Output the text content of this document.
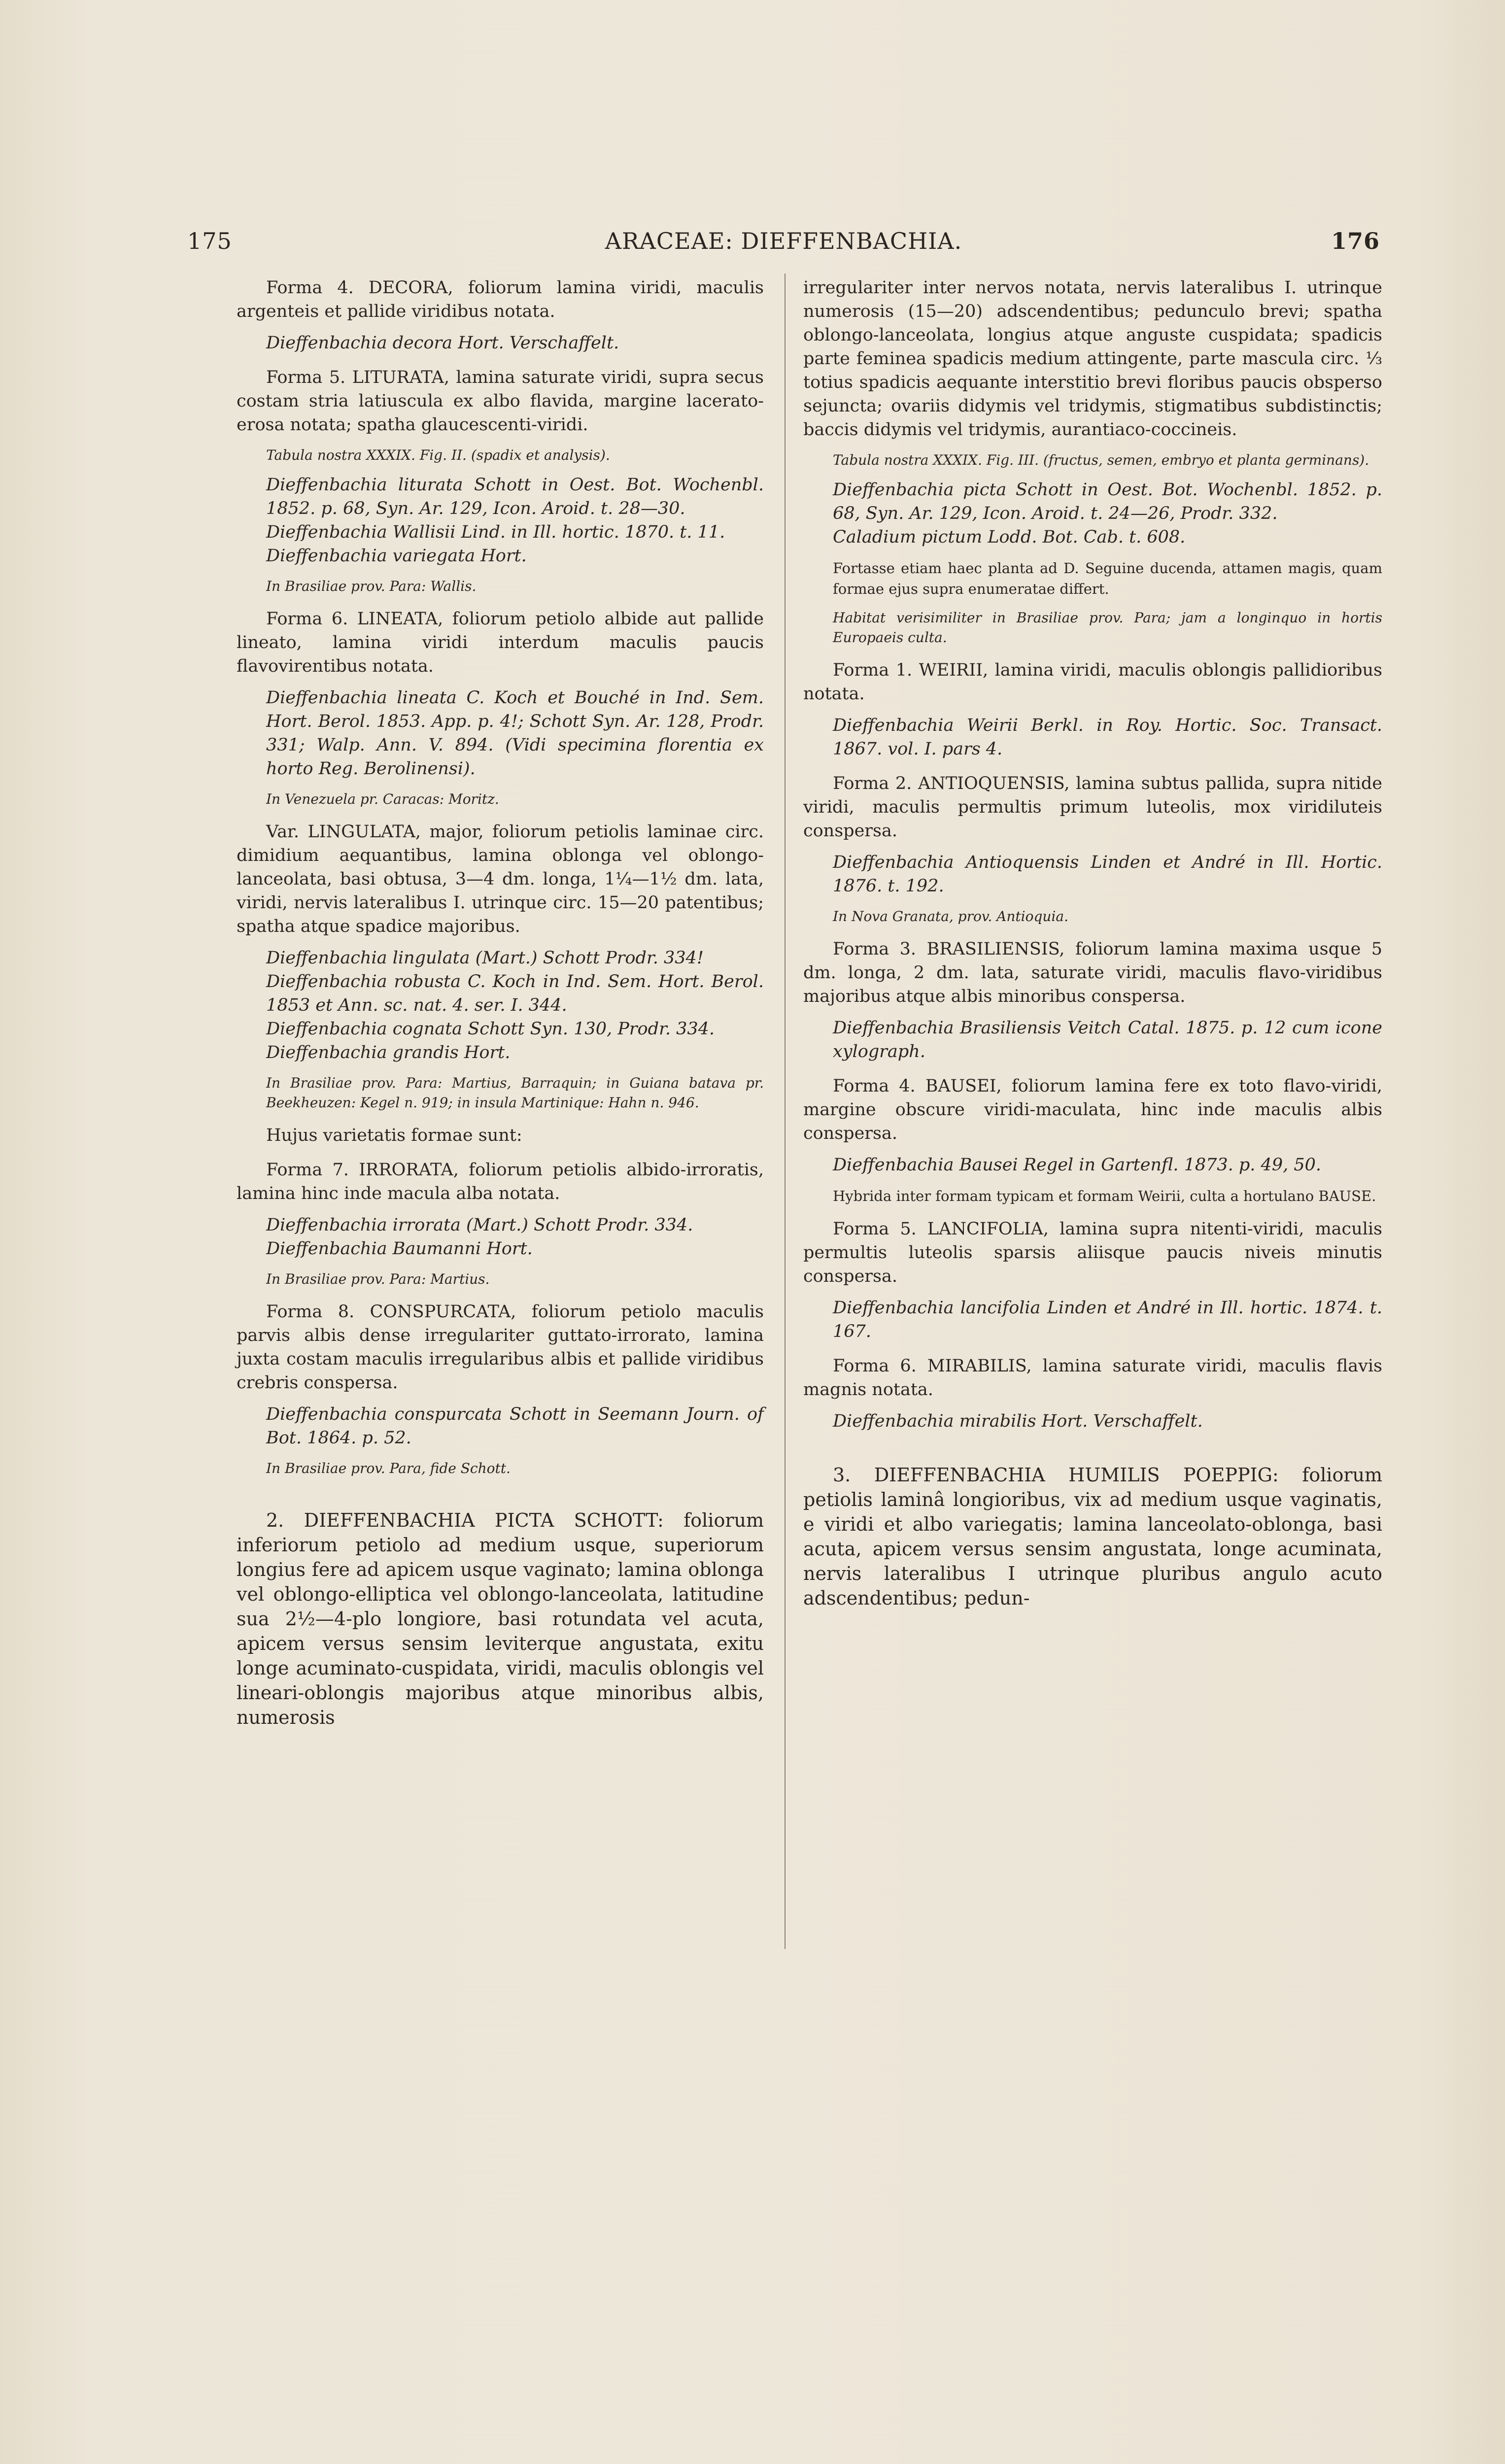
175	ARACEAE: DIEFFENBACHIA.	176

Forma 4. DECORA, foliorum lamina viridi, maculis argenteis et pallide viridibus notata.

Dieffenbachia decora Hort. Verschaffelt.

Forma 5. LITURATA, lamina saturate viridi, supra secus costam stria latiuscula ex albo flavida, margine lacerato-erosa notata; spatha glaucescenti-viridi.

Tabula nostra XXXIX. Fig. II. (spadix et analysis).

Dieffenbachia liturata Schott in Oest. Bot. Wochenbl. 1852. p. 68, Syn. Ar. 129, Icon. Aroid. t. 28—30.
Dieffenbachia Wallisii Lind. in Ill. hortic. 1870. t. 11.
Dieffenbachia variegata Hort.

In Brasiliae prov. Para: Wallis.

Forma 6. LINEATA, foliorum petiolo albide aut pallide lineato, lamina viridi interdum maculis paucis flavovirentibus notata.

Dieffenbachia lineata C. Koch et Bouché in Ind. Sem. Hort. Berol. 1853. App. p. 4!; Schott Syn. Ar. 128, Prodr. 331; Walp. Ann. V. 894. (Vidi specimina florentia ex horto Reg. Berolinensi).

In Venezuela pr. Caracas: Moritz.

Var. LINGULATA, major, foliorum petiolis laminae circ. dimidium aequantibus, lamina oblonga vel oblongo-lanceolata, basi obtusa, 3—4 dm. longa, 1¼—1½ dm. lata, viridi, nervis lateralibus I. utrinque circ. 15—20 patentibus; spatha atque spadice majoribus.

Dieffenbachia lingulata (Mart.) Schott Prodr. 334!
Dieffenbachia robusta C. Koch in Ind. Sem. Hort. Berol. 1853 et Ann. sc. nat. 4. ser. I. 344.
Dieffenbachia cognata Schott Syn. 130, Prodr. 334.
Dieffenbachia grandis Hort.

In Brasiliae prov. Para: Martius, Barraquin; in Guiana batava pr. Beekheuzen: Kegel n. 919; in insula Martinique: Hahn n. 946.

Hujus varietatis formae sunt:

Forma 7. IRRORATA, foliorum petiolis albido-irroratis, lamina hinc inde macula alba notata.

Dieffenbachia irrorata (Mart.) Schott Prodr. 334.
Dieffenbachia Baumanni Hort.

In Brasiliae prov. Para: Martius.

Forma 8. CONSPURCATA, foliorum petiolo maculis parvis albis dense irregulariter guttato-irrorato, lamina juxta costam maculis irregularibus albis et pallide viridibus crebris conspersa.

Dieffenbachia conspurcata Schott in Seemann Journ. of Bot. 1864. p. 52.

In Brasiliae prov. Para, fide Schott.

2. DIEFFENBACHIA PICTA SCHOTT: foliorum inferiorum petiolo ad medium usque, superiorum longius fere ad apicem usque vaginato; lamina oblonga vel oblongo-elliptica vel oblongo-lanceolata, latitudine sua 2½—4-plo longiore, basi rotundata vel acuta, apicem versus sensim leviterque angustata, exitu longe acuminato-cuspidata, viridi, maculis oblongis vel lineari-oblongis majoribus atque minoribus albis, numerosis

irregulariter inter nervos notata, nervis lateralibus I. utrinque numerosis (15—20) adscendentibus; pedunculo brevi; spatha oblongo-lanceolata, longius atque anguste cuspidata; spadicis parte feminea spadicis medium attingente, parte mascula circ. ⅓ totius spadicis aequante interstitio brevi floribus paucis obsperso sejuncta; ovariis didymis vel tridymis, stigmatibus subdistinctis; baccis didymis vel tridymis, aurantiaco-coccineis.

Tabula nostra XXXIX. Fig. III. (fructus, semen, embryo et planta germinans).

Dieffenbachia picta Schott in Oest. Bot. Wochenbl. 1852. p. 68, Syn. Ar. 129, Icon. Aroid. t. 24—26, Prodr. 332.
Caladium pictum Lodd. Bot. Cab. t. 608.

Fortasse etiam haec planta ad D. Seguine ducenda, attamen magis, quam formae ejus supra enumeratae differt.

Habitat verisimiliter in Brasiliae prov. Para; jam a longinquo in hortis Europaeis culta.

Forma 1. WEIRII, lamina viridi, maculis oblongis pallidioribus notata.

Dieffenbachia Weirii Berkl. in Roy. Hortic. Soc. Transact. 1867. vol. I. pars 4.

Forma 2. ANTIOQUENSIS, lamina subtus pallida, supra nitide viridi, maculis permultis primum luteolis, mox viridiluteis conspersa.

Dieffenbachia Antioquensis Linden et André in Ill. Hortic. 1876. t. 192.

In Nova Granata, prov. Antioquia.

Forma 3. BRASILIENSIS, foliorum lamina maxima usque 5 dm. longa, 2 dm. lata, saturate viridi, maculis flavo-viridibus majoribus atque albis minoribus conspersa.

Dieffenbachia Brasiliensis Veitch Catal. 1875. p. 12 cum icone xylograph.

Forma 4. BAUSEI, foliorum lamina fere ex toto flavo-viridi, margine obscure viridi-maculata, hinc inde maculis albis conspersa.

Dieffenbachia Bausei Regel in Gartenfl. 1873. p. 49, 50.

Hybrida inter formam typicam et formam Weirii, culta a hortulano BAUSE.

Forma 5. LANCIFOLIA, lamina supra nitenti-viridi, maculis permultis luteolis sparsis aliisque paucis niveis minutis conspersa.

Dieffenbachia lancifolia Linden et André in Ill. hortic. 1874. t. 167.

Forma 6. MIRABILIS, lamina saturate viridi, maculis flavis magnis notata.

Dieffenbachia mirabilis Hort. Verschaffelt.

3. DIEFFENBACHIA HUMILIS POEPPIG: foliorum petiolis laminâ longioribus, vix ad medium usque vaginatis, e viridi et albo variegatis; lamina lanceolato-oblonga, basi acuta, apicem versus sensim angustata, longe acuminata, nervis lateralibus I utrinque pluribus angulo acuto adscendentibus; pedun-
